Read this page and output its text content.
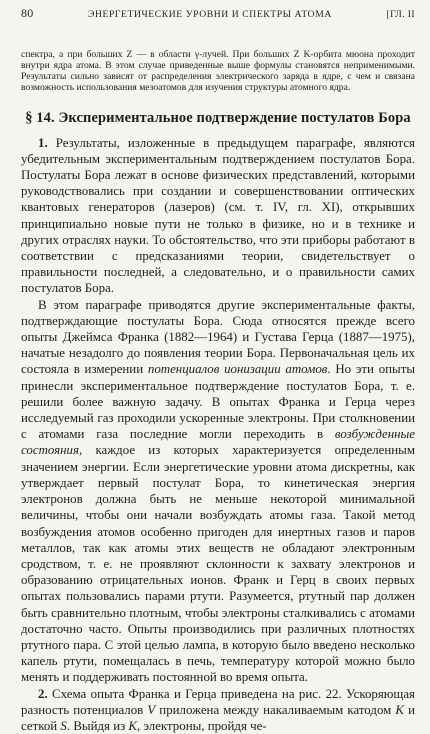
80	ЭНЕРГЕТИЧЕСКИЕ УРОВНИ И СПЕКТРЫ АТОМА	[ГЛ. II
спектра, а при больших Z — в области γ-лучей. При больших Z K-орбита мюона проходит внутри ядра атома. В этом случае приведенные выше формулы становятся неприменимыми. Результаты сильно зависят от распределения электрического заряда в ядре, с чем и связана возможность использования мезоатомов для изучения структуры атомного ядра.
§ 14. Экспериментальное подтверждение постулатов Бора

1. Результаты, изложенные в предыдущем параграфе, являются убедительным экспериментальным подтверждением постулатов Бора. Постулаты Бора лежат в основе физических представлений, которыми руководствовались при создании и совершенствовании оптических квантовых генераторов (лазеров) (см. т. IV, гл. XI), открывших принципиально новые пути не только в физике, но и в технике и других отраслях науки. То обстоятельство, что эти приборы работают в соответствии с предсказаниями теории, свидетельствует о правильности последней, а следовательно, и о правильности самих постулатов Бора.

В этом параграфе приводятся другие экспериментальные факты, подтверждающие постулаты Бора. Сюда относятся прежде всего опыты Джеймса Франка (1882—1964) и Густава Герца (1887—1975), начатые незадолго до появления теории Бора. Первоначальная цель их состояла в измерении потенциалов ионизации атомов. Но эти опыты принесли экспериментальное подтверждение постулатов Бора, т. е. решили более важную задачу. В опытах Франка и Герца через исследуемый газ проходили ускоренные электроны. При столкновении с атомами газа последние могли переходить в возбужденные состояния, каждое из которых характеризуется определенным значением энергии. Если энергетические уровни атома дискретны, как утверждает первый постулат Бора, то кинетическая энергия электронов должна быть не меньше некоторой минимальной величины, чтобы они начали возбуждать атомы газа. Такой метод возбуждения атомов особенно пригоден для инертных газов и паров металлов, так как атомы этих веществ не обладают электронным сродством, т. е. не проявляют склонности к захвату электронов и образованию отрицательных ионов. Франк и Герц в своих первых опытах пользовались парами ртути. Разумеется, ртутный пар должен быть сравнительно плотным, чтобы электроны сталкивались с атомами достаточно часто. Опыты производились при различных плотностях ртутного пара. С этой целью лампа, в которую было введено несколько капель ртути, помещалась в печь, температуру которой можно было менять и поддерживать постоянной во время опыта.

2. Схема опыта Франка и Герца приведена на рис. 22. Ускоряющая разность потенциалов V приложена между накаливаемым катодом K и сеткой S. Выйдя из K, электроны, пройдя че-
